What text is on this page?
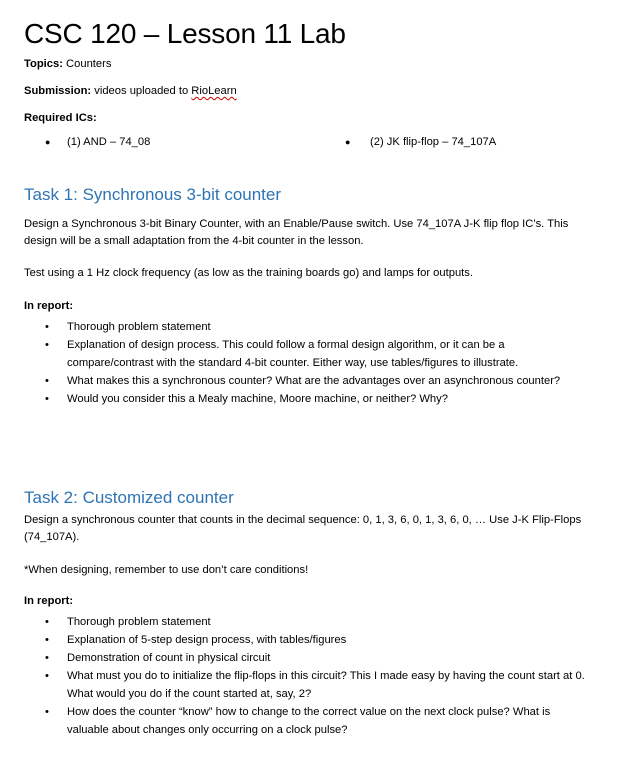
CSC 120 – Lesson 11 Lab
Topics: Counters
Submission: videos uploaded to RioLearn
Required ICs:
● (1) AND – 74_08	● (2) JK flip-flop – 74_107A
Task 1: Synchronous 3-bit counter

Design a Synchronous 3-bit Binary Counter, with an Enable/Pause switch. Use 74_107A J-K flip flop IC’s. This design will be a small adaptation from the 4-bit counter in the lesson.

Test using a 1 Hz clock frequency (as low as the training boards go) and lamps for outputs.

In report:
• Thorough problem statement
• Explanation of design process. This could follow a formal design algorithm, or it can be a compare/contrast with the standard 4-bit counter. Either way, use tables/figures to illustrate.
• What makes this a synchronous counter? What are the advantages over an asynchronous counter?
• Would you consider this a Mealy machine, Moore machine, or neither? Why?
Task 2: Customized counter

Design a synchronous counter that counts in the decimal sequence: 0, 1, 3, 6, 0, 1, 3, 6, 0, … Use J-K Flip-Flops (74_107A).

*When designing, remember to use don’t care conditions!

In report:
• Thorough problem statement
• Explanation of 5-step design process, with tables/figures
• Demonstration of count in physical circuit
• What must you do to initialize the flip-flops in this circuit? This I made easy by having the count start at 0. What would you do if the count started at, say, 2?
• How does the counter “know” how to change to the correct value on the next clock pulse? What is valuable about changes only occurring on a clock pulse?
